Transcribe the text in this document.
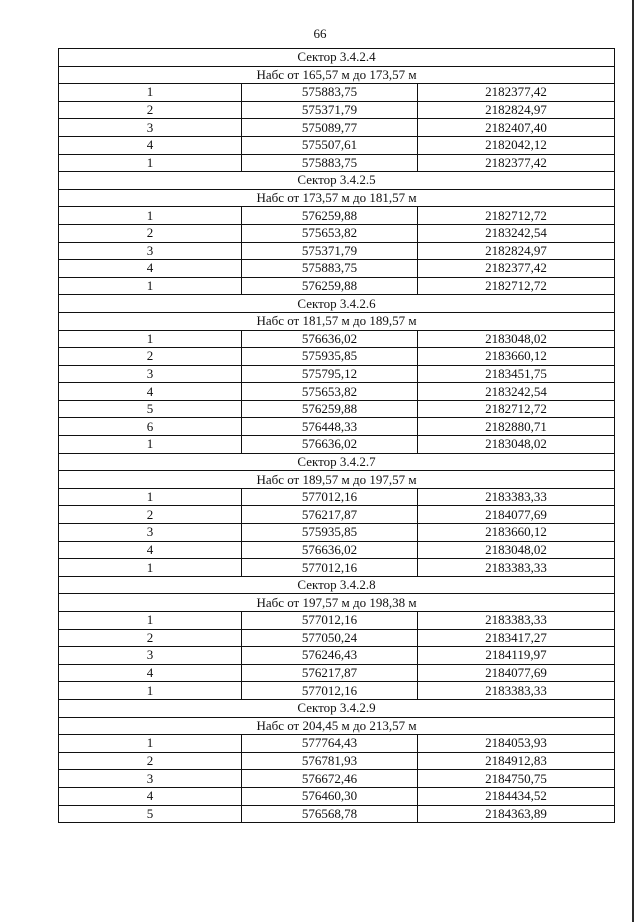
66
Сектор 3.4.2.4		
Набс от 165,57 м до 173,57 м		
1	575883,75	2182377,42
2	575371,79	2182824,97
3	575089,77	2182407,40
4	575507,61	2182042,12
1	575883,75	2182377,42
Сектор 3.4.2.5		
Набс от 173,57 м до 181,57 м		
1	576259,88	2182712,72
2	575653,82	2183242,54
3	575371,79	2182824,97
4	575883,75	2182377,42
1	576259,88	2182712,72
Сектор 3.4.2.6		
Набс от 181,57 м до 189,57 м		
1	576636,02	2183048,02
2	575935,85	2183660,12
3	575795,12	2183451,75
4	575653,82	2183242,54
5	576259,88	2182712,72
6	576448,33	2182880,71
1	576636,02	2183048,02
Сектор 3.4.2.7		
Набс от 189,57 м до 197,57 м		
1	577012,16	2183383,33
2	576217,87	2184077,69
3	575935,85	2183660,12
4	576636,02	2183048,02
1	577012,16	2183383,33
Сектор 3.4.2.8		
Набс от 197,57 м до 198,38 м		
1	577012,16	2183383,33
2	577050,24	2183417,27
3	576246,43	2184119,97
4	576217,87	2184077,69
1	577012,16	2183383,33
Сектор 3.4.2.9		
Набс от 204,45 м до 213,57 м		
1	577764,43	2184053,93
2	576781,93	2184912,83
3	576672,46	2184750,75
4	576460,30	2184434,52
5	576568,78	2184363,89
